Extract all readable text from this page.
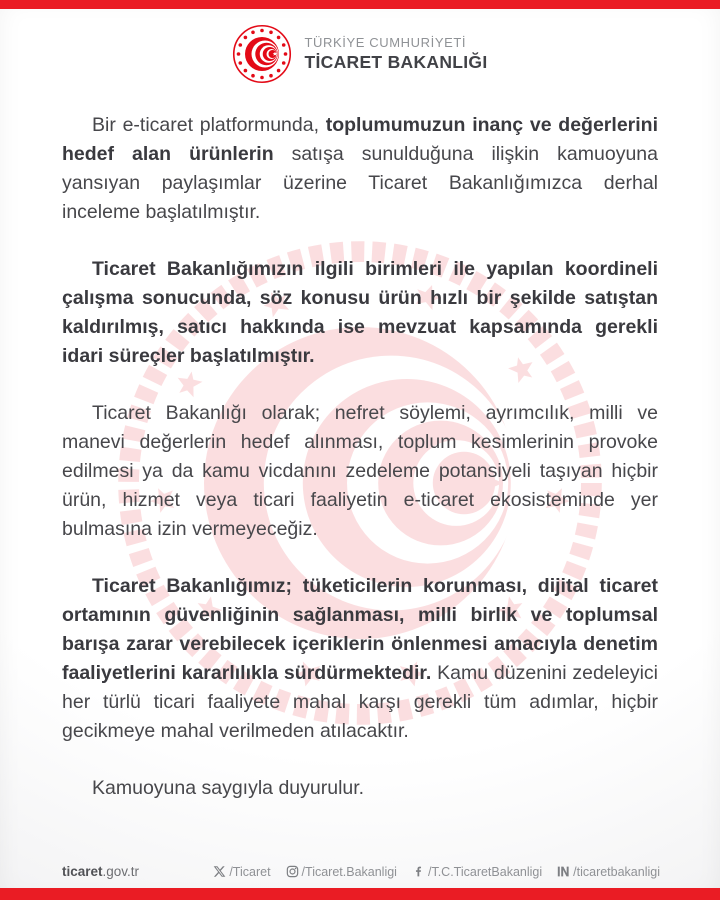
TÜRKİYE CUMHURİYETİ
TİCARET BAKANLIĞI

Bir e-ticaret platformunda, toplumumuzun inanç ve değerlerini hedef alan ürünlerin satışa sunulduğuna ilişkin kamuoyuna yansıyan paylaşımlar üzerine Ticaret Bakanlığımızca derhal inceleme başlatılmıştır.

Ticaret Bakanlığımızın ilgili birimleri ile yapılan koordineli çalışma sonucunda, söz konusu ürün hızlı bir şekilde satıştan kaldırılmış, satıcı hakkında ise mevzuat kapsamında gerekli idari süreçler başlatılmıştır.

Ticaret Bakanlığı olarak; nefret söylemi, ayrımcılık, milli ve manevi değerlerin hedef alınması, toplum kesimlerinin provoke edilmesi ya da kamu vicdanını zedeleme potansiyeli taşıyan hiçbir ürün, hizmet veya ticari faaliyetin e-ticaret ekosisteminde yer bulmasına izin vermeyeceğiz.

Ticaret Bakanlığımız; tüketicilerin korunması, dijital ticaret ortamının güvenliğinin sağlanması, milli birlik ve toplumsal barışa zarar verebilecek içeriklerin önlenmesi amacıyla denetim faaliyetlerini kararlılıkla sürdürmektedir. Kamu düzenini zedeleyici her türlü ticari faaliyete mahal karşı gerekli tüm adımlar, hiçbir gecikmeye mahal verilmeden atılacaktır.

Kamuoyuna saygıyla duyurulur.

ticaret.gov.tr	/Ticaret /Ticaret.Bakanligi /T.C.TicaretBakanligi /ticaretbakanligi
